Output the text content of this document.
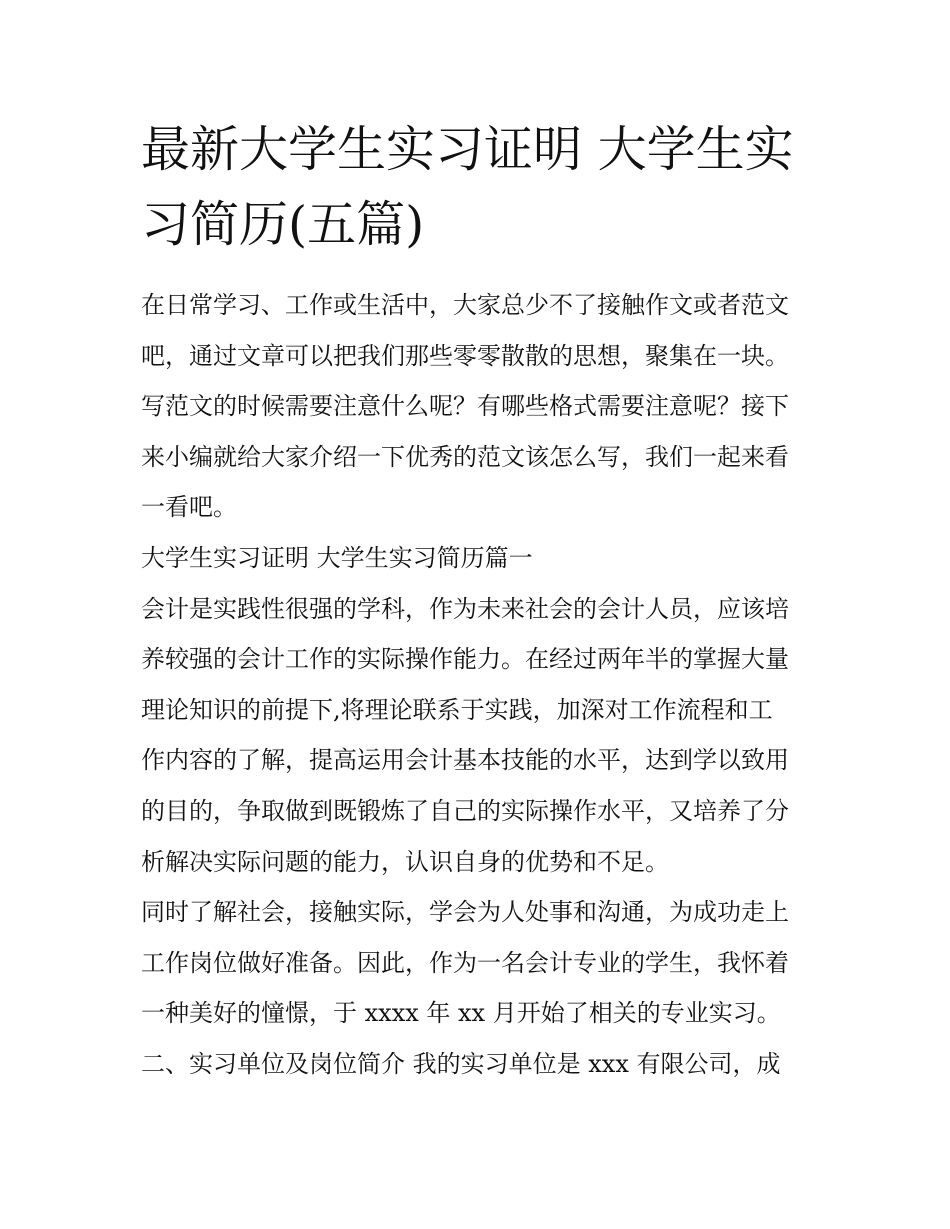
最新大学生实习证明 大学生实
习简历(五篇)
在日常学习、工作或生活中，大家总少不了接触作文或者范文
吧，通过文章可以把我们那些零零散散的思想，聚集在一块。
写范文的时候需要注意什么呢？有哪些格式需要注意呢？接下
来小编就给大家介绍一下优秀的范文该怎么写，我们一起来看
一看吧。
大学生实习证明 大学生实习简历篇一
会计是实践性很强的学科，作为未来社会的会计人员，应该培
养较强的会计工作的实际操作能力。在经过两年半的掌握大量
理论知识的前提下,将理论联系于实践，加深对工作流程和工
作内容的了解，提高运用会计基本技能的水平，达到学以致用
的目的，争取做到既锻炼了自己的实际操作水平，又培养了分
析解决实际问题的能力，认识自身的优势和不足。
同时了解社会，接触实际，学会为人处事和沟通，为成功走上
工作岗位做好准备。因此，作为一名会计专业的学生，我怀着
一种美好的憧憬，于 xxxx 年 xx 月开始了相关的专业实习。
二、实习单位及岗位简介 我的实习单位是 xxx 有限公司，成
